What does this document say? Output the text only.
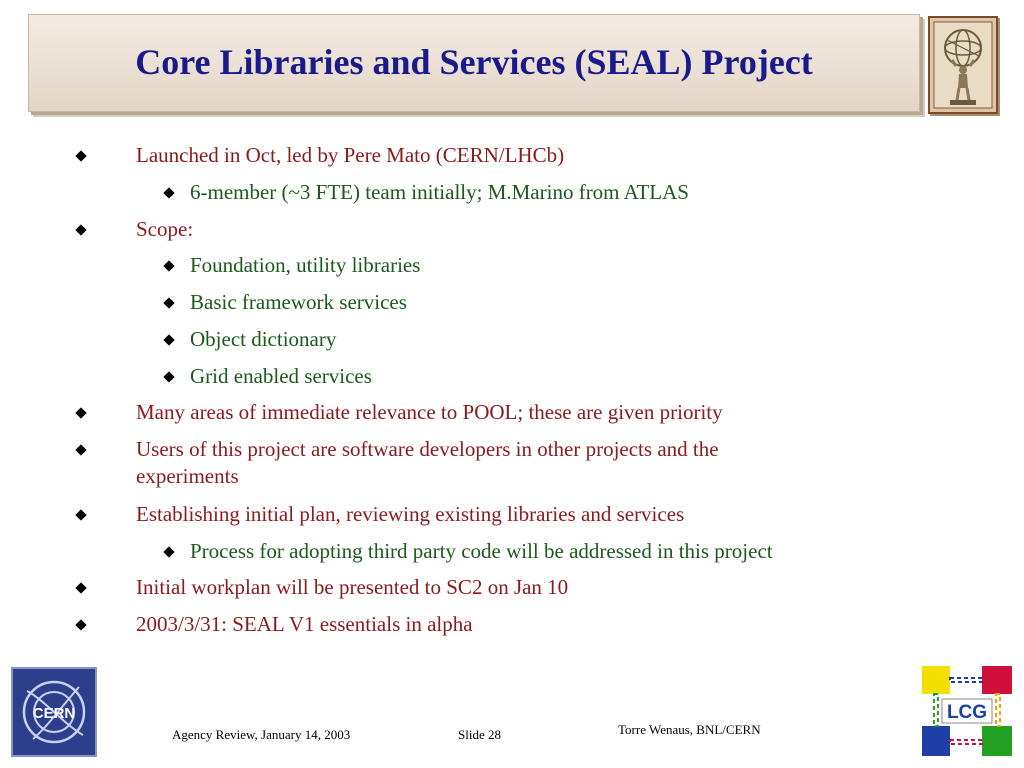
Core Libraries and Services (SEAL) Project
Launched in Oct, led by Pere Mato (CERN/LHCb)
6-member (~3 FTE) team initially; M.Marino from ATLAS
Scope:
Foundation, utility libraries
Basic framework services
Object dictionary
Grid enabled services
Many areas of immediate relevance to POOL; these are given priority
Users of this project are software developers in other projects and the
experiments
Establishing initial plan, reviewing existing libraries and services
Process for adopting third party code will be addressed in this project
Initial workplan will be presented to SC2 on Jan 10
2003/3/31: SEAL V1 essentials in alpha
CERN
Agency Review, January 14, 2003	Slide 28	Torre Wenaus, BNL/CERN
LCG
